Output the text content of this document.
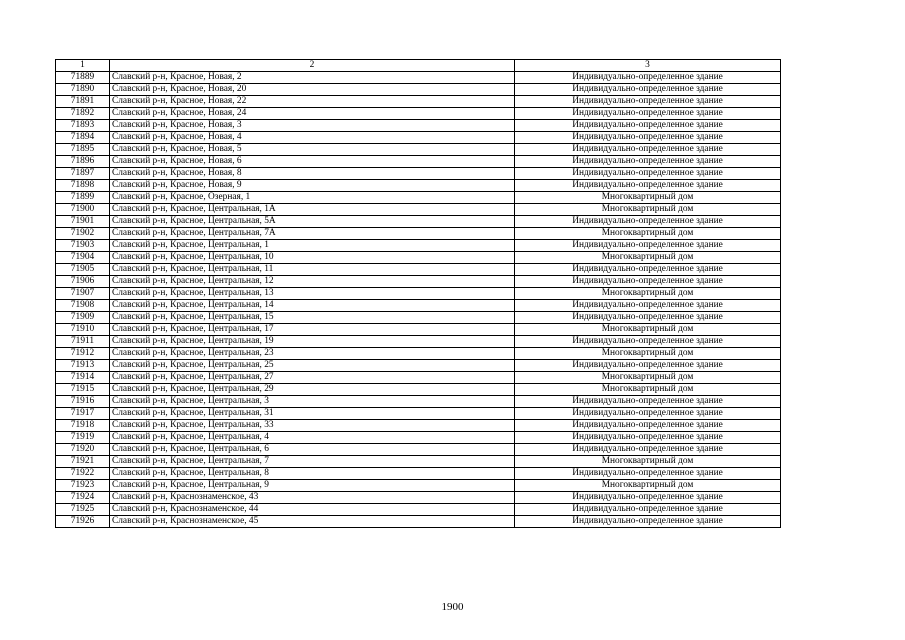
1	2	3
71889	Славский р-н, Красное, Новая, 2	Индивидуально-определенное здание
71890	Славский р-н, Красное, Новая, 20	Индивидуально-определенное здание
71891	Славский р-н, Красное, Новая, 22	Индивидуально-определенное здание
71892	Славский р-н, Красное, Новая, 24	Индивидуально-определенное здание
71893	Славский р-н, Красное, Новая, 3	Индивидуально-определенное здание
71894	Славский р-н, Красное, Новая, 4	Индивидуально-определенное здание
71895	Славский р-н, Красное, Новая, 5	Индивидуально-определенное здание
71896	Славский р-н, Красное, Новая, 6	Индивидуально-определенное здание
71897	Славский р-н, Красное, Новая, 8	Индивидуально-определенное здание
71898	Славский р-н, Красное, Новая, 9	Индивидуально-определенное здание
71899	Славский р-н, Красное, Озерная, 1	Многоквартирный дом
71900	Славский р-н, Красное, Центральная, 1А	Многоквартирный дом
71901	Славский р-н, Красное, Центральная, 5А	Индивидуально-определенное здание
71902	Славский р-н, Красное, Центральная, 7А	Многоквартирный дом
71903	Славский р-н, Красное, Центральная, 1	Индивидуально-определенное здание
71904	Славский р-н, Красное, Центральная, 10	Многоквартирный дом
71905	Славский р-н, Красное, Центральная, 11	Индивидуально-определенное здание
71906	Славский р-н, Красное, Центральная, 12	Индивидуально-определенное здание
71907	Славский р-н, Красное, Центральная, 13	Многоквартирный дом
71908	Славский р-н, Красное, Центральная, 14	Индивидуально-определенное здание
71909	Славский р-н, Красное, Центральная, 15	Индивидуально-определенное здание
71910	Славский р-н, Красное, Центральная, 17	Многоквартирный дом
71911	Славский р-н, Красное, Центральная, 19	Индивидуально-определенное здание
71912	Славский р-н, Красное, Центральная, 23	Многоквартирный дом
71913	Славский р-н, Красное, Центральная, 25	Индивидуально-определенное здание
71914	Славский р-н, Красное, Центральная, 27	Многоквартирный дом
71915	Славский р-н, Красное, Центральная, 29	Многоквартирный дом
71916	Славский р-н, Красное, Центральная, 3	Индивидуально-определенное здание
71917	Славский р-н, Красное, Центральная, 31	Индивидуально-определенное здание
71918	Славский р-н, Красное, Центральная, 33	Индивидуально-определенное здание
71919	Славский р-н, Красное, Центральная, 4	Индивидуально-определенное здание
71920	Славский р-н, Красное, Центральная, 6	Индивидуально-определенное здание
71921	Славский р-н, Красное, Центральная, 7	Многоквартирный дом
71922	Славский р-н, Красное, Центральная, 8	Индивидуально-определенное здание
71923	Славский р-н, Красное, Центральная, 9	Многоквартирный дом
71924	Славский р-н, Краснознаменское, 43	Индивидуально-определенное здание
71925	Славский р-н, Краснознаменское, 44	Индивидуально-определенное здание
71926	Славский р-н, Краснознаменское, 45	Индивидуально-определенное здание
1900
